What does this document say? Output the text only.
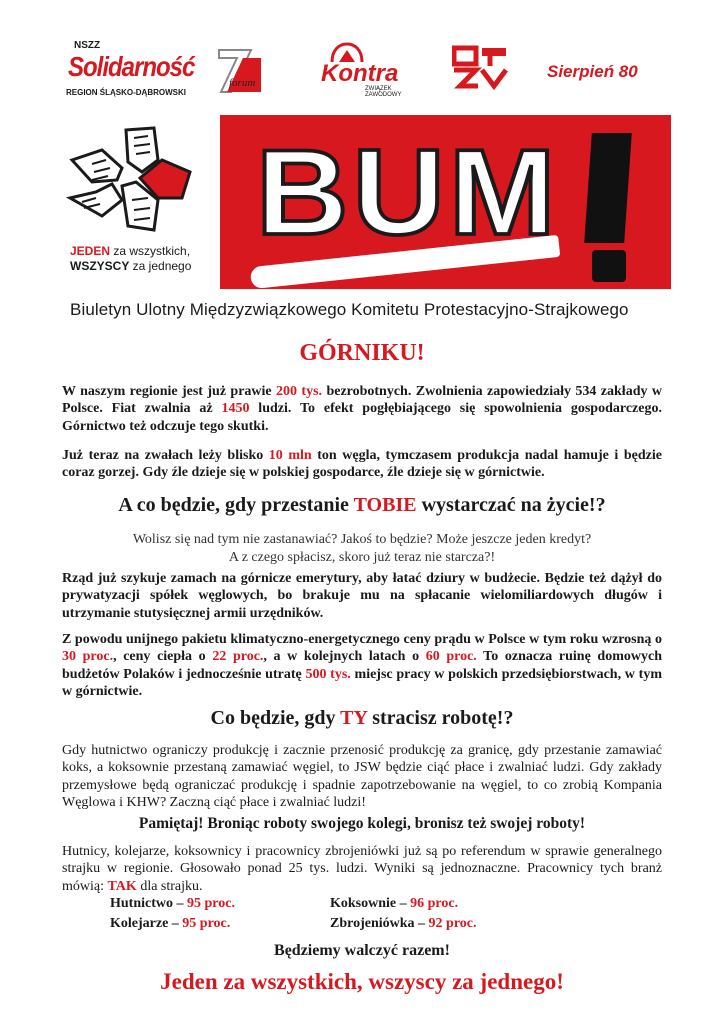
NSZZ
Solidarność
REGION ŚLĄSKO-DĄBROWSKI
forum	Kontra
ZWIĄZEK ZAWODOWY
Sierpień 80
JEDEN za wszystkich,
WSZYSCY za jednego
BUM
Biuletyn Ulotny Międzyzwiązkowego Komitetu Protestacyjno-Strajkowego
GÓRNIKU!
W naszym regionie jest już prawie 200 tys. bezrobotnych. Zwolnienia zapowiedziały 534 zakłady w Polsce. Fiat zwalnia aż 1450 ludzi. To efekt pogłębiającego się spowolnienia gospodarczego. Górnictwo też odczuje tego skutki.
Już teraz na zwałach leży blisko 10 mln ton węgla, tymczasem produkcja nadal hamuje i będzie coraz gorzej. Gdy źle dzieje się w polskiej gospodarce, źle dzieje się w górnictwie.
A co będzie, gdy przestanie TOBIE wystarczać na życie!?
Wolisz się nad tym nie zastanawiać? Jakoś to będzie? Może jeszcze jeden kredyt?
A z czego spłacisz, skoro już teraz nie starcza?!
Rząd już szykuje zamach na górnicze emerytury, aby łatać dziury w budżecie. Będzie też dążył do prywatyzacji spółek węglowych, bo brakuje mu na spłacanie wielomiliardowych długów i utrzymanie stutysięcznej armii urzędników.
Z powodu unijnego pakietu klimatyczno-energetycznego ceny prądu w Polsce w tym roku wzrosną o 30 proc., ceny ciepła o 22 proc., a w kolejnych latach o 60 proc. To oznacza ruinę domowych budżetów Polaków i jednocześnie utratę 500 tys. miejsc pracy w polskich przedsiębiorstwach, w tym w górnictwie.
Co będzie, gdy TY stracisz robotę!?
Gdy hutnictwo ograniczy produkcję i zacznie przenosić produkcję za granicę, gdy przestanie zamawiać koks, a koksownie przestaną zamawiać węgiel, to JSW będzie ciąć płace i zwalniać ludzi. Gdy zakłady przemysłowe będą ograniczać produkcję i spadnie zapotrzebowanie na węgiel, to co zrobią Kompania Węglowa i KHW? Zaczną ciąć płace i zwalniać ludzi!
Pamiętaj! Broniąc roboty swojego kolegi, bronisz też swojej roboty!
Hutnicy, kolejarze, koksownicy i pracownicy zbrojeniówki już są po referendum w sprawie generalnego strajku w regionie. Głosowało ponad 25 tys. ludzi. Wyniki są jednoznaczne. Pracownicy tych branż mówią: TAK dla strajku.
Hutnictwo – 95 proc.	Koksownie – 96 proc.
Kolejarze – 95 proc.	Zbrojeniówka – 92 proc.
Będziemy walczyć razem!
Jeden za wszystkich, wszyscy za jednego!
